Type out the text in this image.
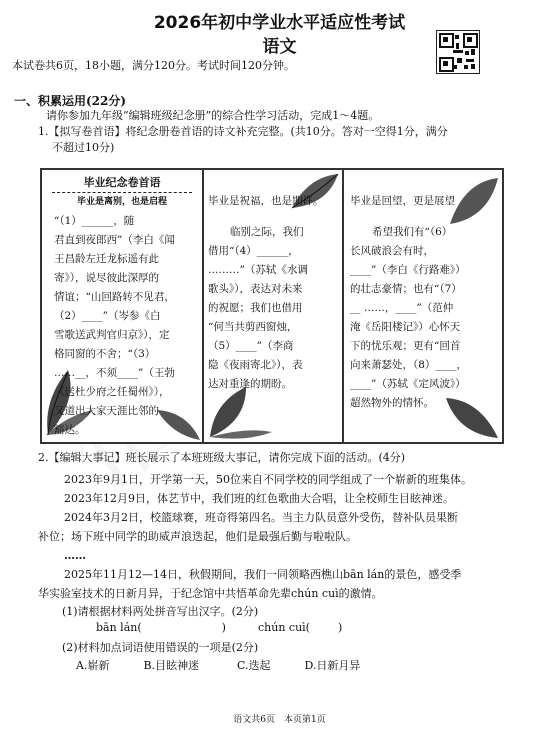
2026年初中学业水平适应性考试
语文
本试卷共6页，18小题，满分120分。考试时间120分钟。
一、积累运用(22分)
请你参加九年级“编辑班级纪念册”的综合性学习活动，完成1～4题。
1.【拟写卷首语】将纪念册卷首语的诗文补充完整。(共10分。答对一空得1分，满分
不超过10分)
毕业纪念卷首语
毕业是离别，也是启程
“（1）______，随
君直到夜郎西”（李白《闻
王昌龄左迁龙标遥有此
寄》），说尽彼此深厚的
情谊；“山回路转不见君，
（2）____”（岑参《白
雪歌送武判官归京》），定
格同窗的不舍；“（3）
……__，不须____”（王勃
《送杜少府之任蜀州》），
又道出大家天涯比邻的
豁达。
毕业是祝福，也是期许。
临别之际，我们
借用“（4）______，
………”（苏轼《水调
歌头》），表达对未来
的祝愿；我们也借用
“何当共剪西窗烛，
（5）____”（李商
隐《夜雨寄北》），表
达对重逢的期盼。
毕业是回望，更是展望
希望我们有“（6）
长风破浪会有时，
____”（李白《行路难》）
的壮志豪情；也有“（7）
__ ……，____”（范仲
淹《岳阳楼记》）心怀天
下的忧乐观；更有“回首
向来萧瑟处，（8）____，
____”（苏轼《定风波》）
超然物外的情怀。
2.【编辑大事记】班长展示了本班班级大事记，请你完成下面的活动。(4分)
2023年9月1日，开学第一天，50位来自不同学校的同学组成了一个崭新的班集体。
2023年12月9日，体艺节中，我们班的红色歌曲大合唱，让全校师生目眩神迷。
2024年3月2日，校篮球赛，班奇得第四名。当主力队员意外受伤，替补队员果断
补位；场下班中同学的助威声浪迭起，他们是最强后勤与啦啦队。
……
2025年11月12—14日，秋假期间，我们一同领略西樵山bān lán的景色，感受季
华实验室技术的日新月异，于纪念馆中共悟革命先辈chún cuì的激情。
(1)请根据材料两处拼音写出汉字。(2分)
bān lán(	)	chún cuì(	)
(2)材料加点词语使用错误的一项是(2分)
A.崭新	B.目眩神迷	C.迭起	D.日新月异
语文共6页　本页第1页
